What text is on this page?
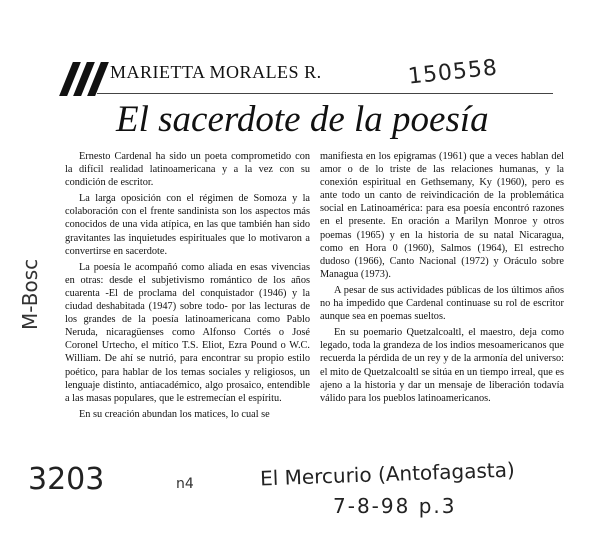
MARIETTA MORALES R.	150558
El sacerdote de la poesía

Ernesto Cardenal ha sido un poeta comprometido con la difícil realidad latinoamericana y a la vez con su condición de escritor.

La larga oposición con el régimen de Somoza y la colaboración con el frente sandinista son los aspectos más conocidos de una vida atípica, en las que también han sido gravitantes las inquietudes espirituales que lo motivaron a convertirse en sacerdote.

La poesía le acompañó como aliada en esas vivencias en otras: desde el subjetivismo romántico de los años cuarenta -El de proclama del conquistador (1946) y la ciudad deshabitada (1947) sobre todo- por las lecturas de los grandes de la poesía latinoamericana como Pablo Neruda, nicaragüenses como Alfonso Cortés o José Coronel Urtecho, el mítico T.S. Eliot, Ezra Pound o W.C. William. De ahí se nutrió, para encontrar su propio estilo poético, para hablar de los temas sociales y religiosos, un lenguaje distinto, antiacadémico, algo prosaico, entendible a las masas populares, que le estremecían el espíritu.

En su creación abundan los matices, lo cual se

manifiesta en los epigramas (1961) que a veces hablan del amor o de lo triste de las relaciones humanas, y la conexión espiritual en Gethsemany, Ky (1960), pero es ante todo un canto de reivindicación de la problemática social en Latinoamérica: para esa poesía encontró razones en el presente. En oración a Marilyn Monroe y otros poemas (1965) y en la historia de su natal Nicaragua, como en Hora 0 (1960), Salmos (1964), El estrecho dudoso (1966), Canto Nacional (1972) y Oráculo sobre Managua (1973).

A pesar de sus actividades públicas de los últimos años no ha impedido que Cardenal continuase su rol de escritor aunque sea en poemas sueltos.

En su poemario Quetzalcoaltl, el maestro, deja como legado, toda la grandeza de los indios mesoamericanos que recuerda la pérdida de un rey y de la armonía del universo: el mito de Quetzalcoaltl se sitúa en un tiempo irreal, que es ajeno a la historia y dar un mensaje de liberación todavía válido para los pueblos latinoamericanos.

M-Bosc
3203	n4	El Mercurio (Antofagasta)
7-8-98 p.3
